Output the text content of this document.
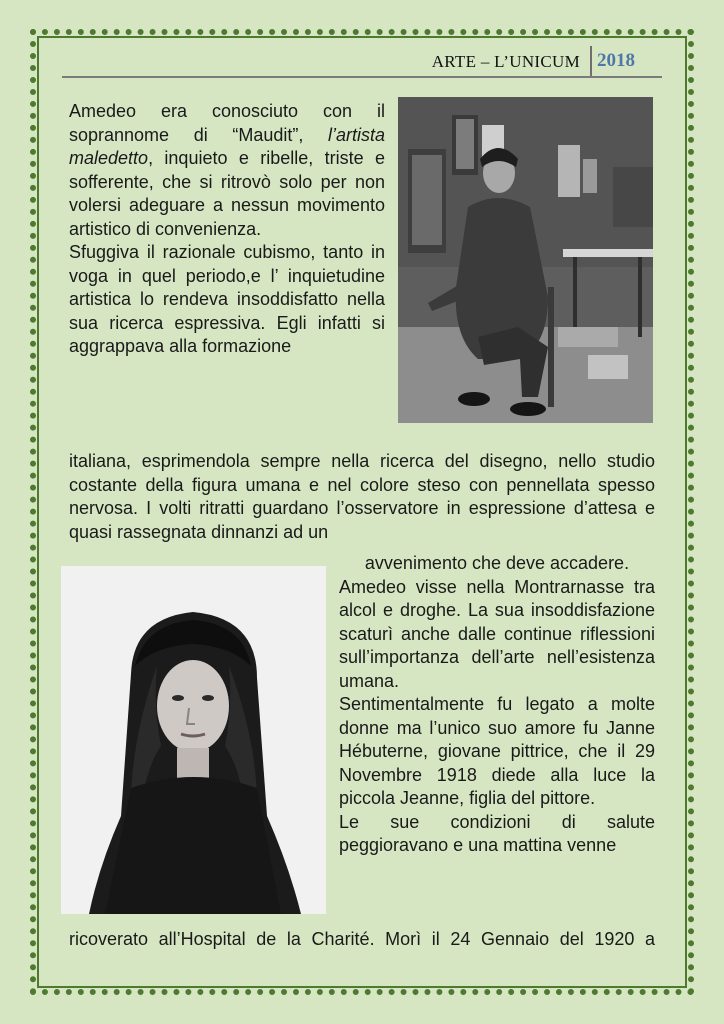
ARTE – L’UNICUM 2018

Amedeo era conosciuto con il soprannome di “Maudit”, l’artista maledetto, inquieto e ribelle, triste e sofferente, che si ritrovò solo per non volersi adeguare a nessun movimento artistico di convenienza.

Sfuggiva il razionale cubismo, tanto in voga in quel periodo,e l’ inquietudine artistica lo rendeva insoddisfatto nella sua ricerca espressiva. Egli infatti si aggrappava alla formazione

italiana, esprimendola sempre nella ricerca del disegno, nello studio costante della figura umana e nel colore steso con pennellata spesso nervosa. I volti ritratti guardano l’osservatore in espressione d’attesa e quasi rassegnata dinnanzi ad un

avvenimento che deve accadere.

Amedeo visse nella Montrarnasse tra alcol e droghe. La sua insoddisfazione scaturì anche dalle continue riflessioni sull’importanza dell’arte nell’esistenza umana.

Sentimentalmente fu legato a molte donne ma l’unico suo amore fu Janne Hébuterne, giovane pittrice, che il 29 Novembre 1918 diede alla luce la piccola Jeanne, figlia del pittore.

Le sue condizioni di salute peggioravano e una mattina venne

ricoverato all’Hospital de la Charité. Morì il 24 Gennaio del 1920 a
